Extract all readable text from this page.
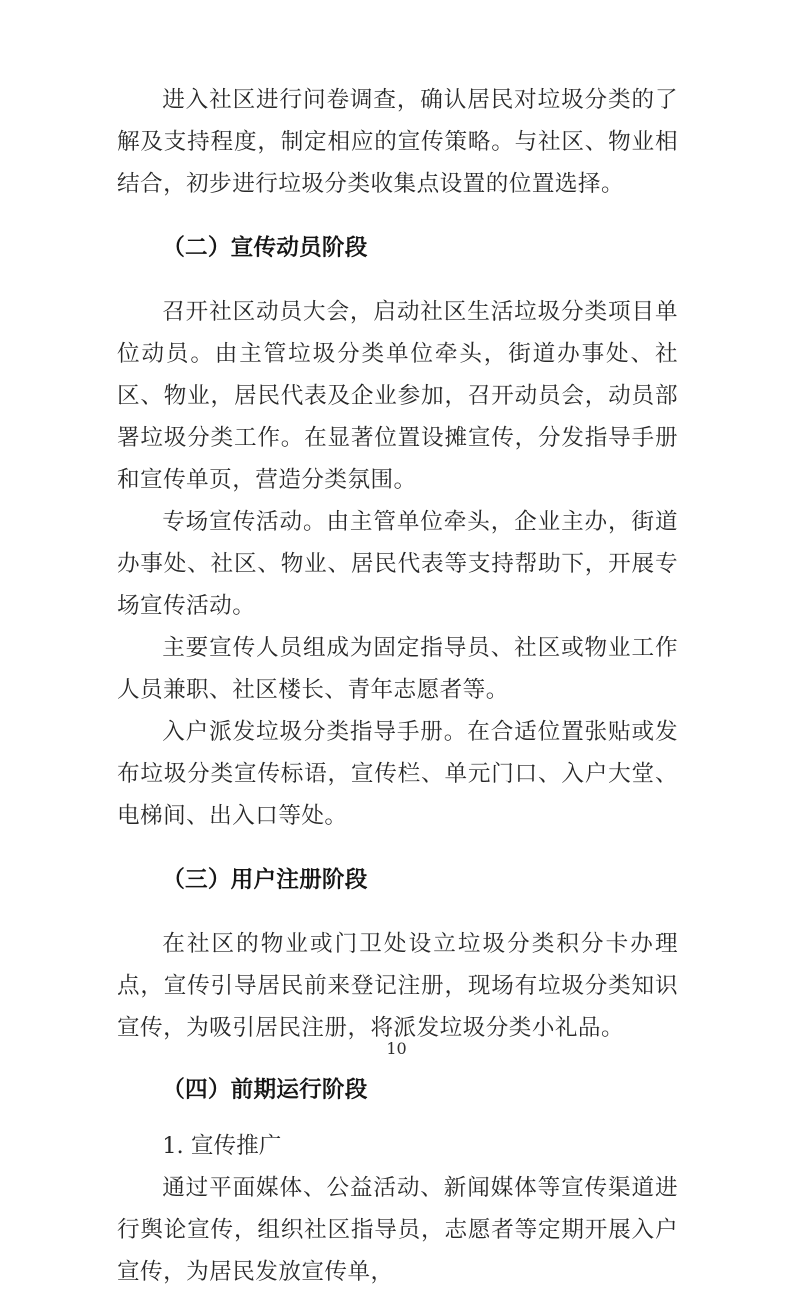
进入社区进行问卷调查，确认居民对垃圾分类的了解及支持程度，制定相应的宣传策略。与社区、物业相结合，初步进行垃圾分类收集点设置的位置选择。

（二）宣传动员阶段

召开社区动员大会，启动社区生活垃圾分类项目单位动员。由主管垃圾分类单位牵头，街道办事处、社区、物业，居民代表及企业参加，召开动员会，动员部署垃圾分类工作。在显著位置设摊宣传，分发指导手册和宣传单页，营造分类氛围。

专场宣传活动。由主管单位牵头，企业主办，街道办事处、社区、物业、居民代表等支持帮助下，开展专场宣传活动。

主要宣传人员组成为固定指导员、社区或物业工作人员兼职、社区楼长、青年志愿者等。

入户派发垃圾分类指导手册。在合适位置张贴或发布垃圾分类宣传标语，宣传栏、单元门口、入户大堂、电梯间、出入口等处。

（三）用户注册阶段

在社区的物业或门卫处设立垃圾分类积分卡办理点，宣传引导居民前来登记注册，现场有垃圾分类知识宣传，为吸引居民注册，将派发垃圾分类小礼品。

（四）前期运行阶段

1. 宣传推广

通过平面媒体、公益活动、新闻媒体等宣传渠道进行舆论宣传，组织社区指导员，志愿者等定期开展入户宣传，为居民发放宣传单，

10
